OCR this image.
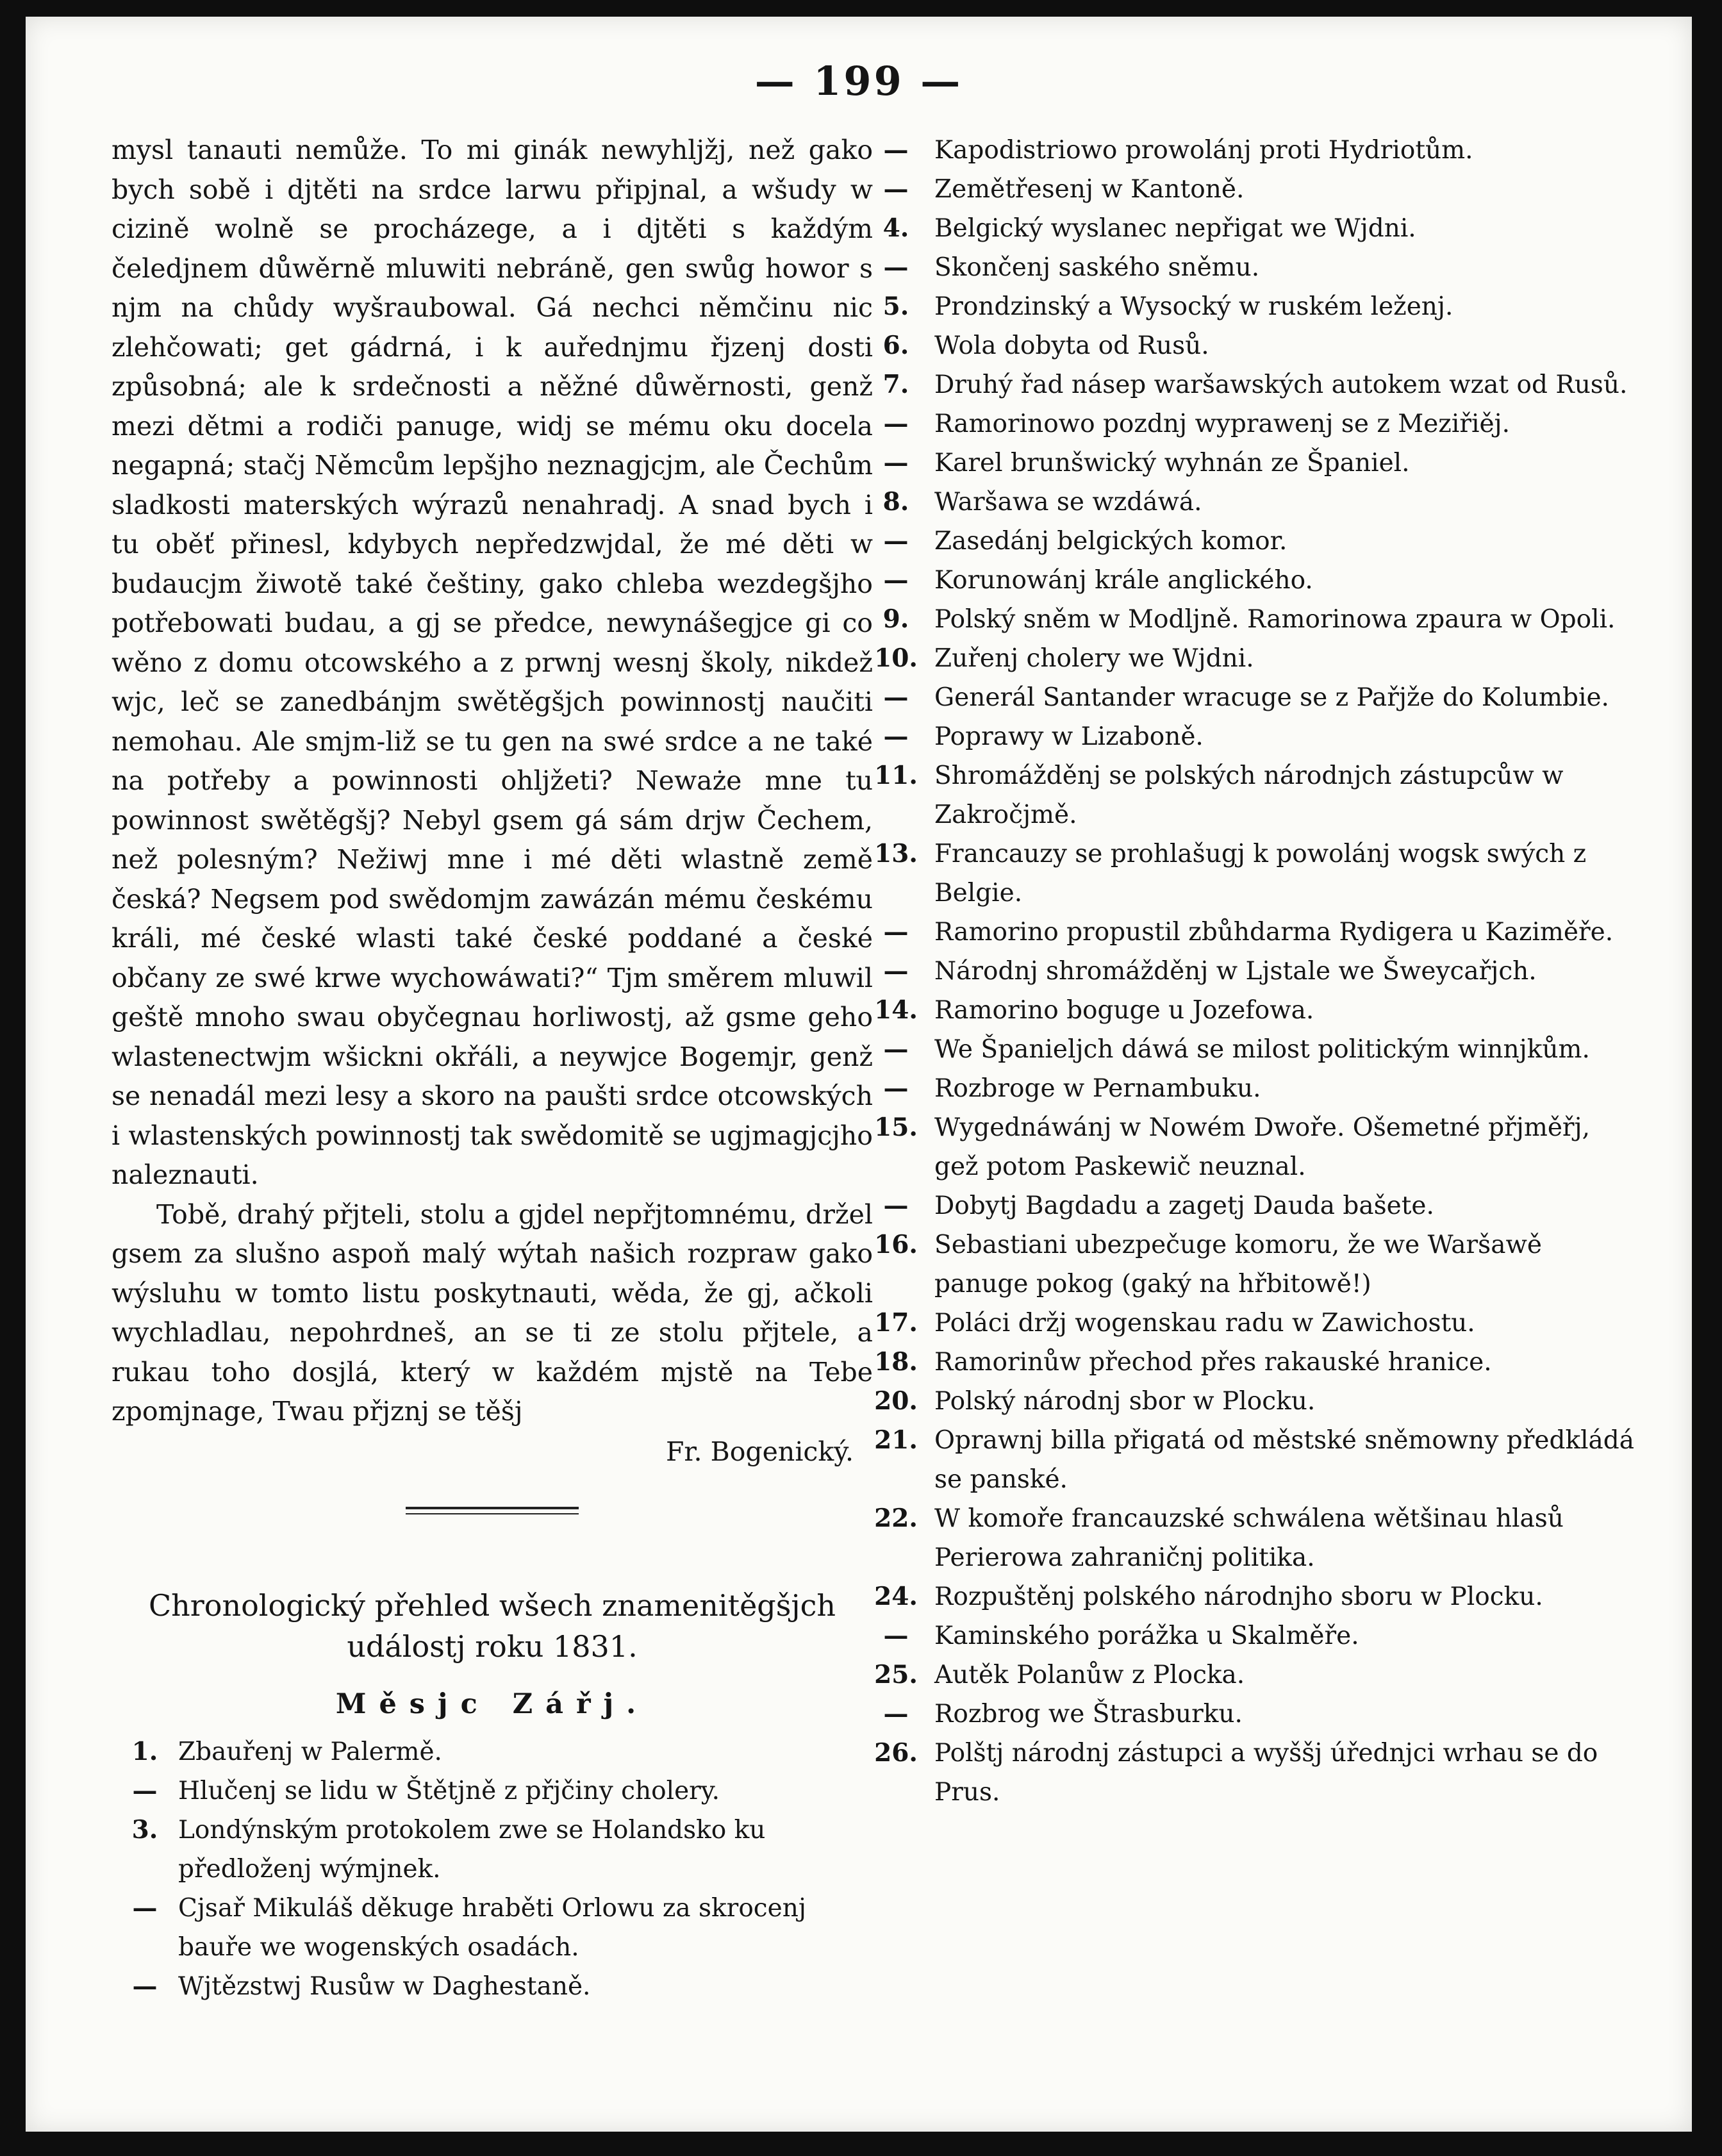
— 199 —

mysl tanauti nemůže. To mi ginák newyhljžj, než gako bych sobě i djtěti na srdce larwu připjnal, a wšudy w cizině wolně se procházege, a i djtěti s každým čeledjnem důwěrně mluwiti nebráně, gen swůg howor s njm na chůdy wyšraubowal. Gá nechci němčinu nic zlehčowati; get gádrná, i k auřednjmu řjzenj dosti způsobná; ale k srdečnosti a něžné důwěrnosti, genž mezi dětmi a rodiči panuge, widj se mému oku docela negapná; stačj Němcům lepšjho neznagjcjm, ale Čechům sladkosti materských wýrazů nenahradj. A snad bych i tu oběť přinesl, kdybych nepředzwjdal, že mé děti w budaucjm žiwotě také češtiny, gako chleba wezdegšjho potřebowati budau, a gj se předce, newynášegjce gi co wěno z domu otcowského a z prwnj wesnj školy, nikdež wjc, leč se zanedbánjm swětěgšjch powinnostj naučiti nemohau. Ale smjm-liž se tu gen na swé srdce a ne také na potřeby a powinnosti ohljžeti? Neważe mne tu powinnost swětěgšj? Nebyl gsem gá sám drjw Čechem, než polesným? Nežiwj mne i mé děti wlastně země česká? Negsem pod swědomjm zawázán mému českému králi, mé české wlasti také české poddané a české občany ze swé krwe wychowáwati?“ Tjm směrem mluwil geště mnoho swau obyčegnau horliwostj, až gsme geho wlastenectwjm wšickni okřáli, a neywjce Bogemjr, genž se nenadál mezi lesy a skoro na paušti srdce otcowských i wlastenských powinnostj tak swědomitě se ugjmagjcjho naleznauti.

Tobě, drahý přjteli, stolu a gjdel nepřjtomnému, držel gsem za slušno aspoň malý wýtah našich rozpraw gako wýsluhu w tomto listu poskytnauti, wěda, že gj, ačkoli wychladlau, nepohrdneš, an se ti ze stolu přjtele, a rukau toho dosjlá, který w každém mjstě na Tebe zpomjnage, Twau přjznj se těšj

Fr. Bogenický.

Chronologický přehled wšech znamenitěgšjch událostj roku 1831.
Měsjc Zářj.
1. Zbauřenj w Palermě.
— Hlučenj se lidu w Štětjně z přjčiny cholery.
3. Londýnským protokolem zwe se Holandsko ku předloženj wýmjnek.
— Cjsař Mikuláš děkuge hraběti Orlowu za skrocenj bauře we wogenských osadách.
— Wjtězstwj Rusůw w Daghestaně.
—	Kapodistriowo prowolánj proti Hydriotům.
—	Zemětřesenj w Kantoně.
4.	Belgický wyslanec nepřigat we Wjdni.
—	Skončenj saského sněmu.
5.	Prondzinský a Wysocký w ruském leženj.
6.	Wola dobyta od Rusů.
7.	Druhý řad násep waršawských autokem wzat od Rusů.
—	Ramorinowo pozdnj wyprawenj se z Meziřiěj.
—	Karel brunšwický wyhnán ze Španiel.
8.	Waršawa se wzdáwá.
—	Zasedánj belgických komor.
—	Korunowánj krále anglického.
9.	Polský sněm w Modljně. Ramorinowa zpaura w Opoli.
10. Zuřenj cholery we Wjdni.
—	Generál Santander wracuge se z Pařjže do Kolumbie.
—	Poprawy w Lizaboně.
11. Shromážděnj se polských národnjch zástupcůw w Zakročjmě.
13. Francauzy se prohlašugj k powolánj wogsk swých z Belgie.
—	Ramorino propustil zbůhdarma Rydigera u Kaziměře.
—	Národnj shromážděnj w Ljstale we Šweycařjch.
14. Ramorino boguge u Jozefowa.
—	We Španieljch dáwá se milost politickým winnjkům.
—	Rozbroge w Pernambuku.
15. Wygednáwánj w Nowém Dwoře. Ošemetné přjměřj, gež potom Paskewič neuznal.
—	Dobytj Bagdadu a zagetj Dauda bašete.
16. Sebastiani ubezpečuge komoru, že we Waršawě panuge pokog (gaký na hřbitowě!)
17. Poláci držj wogenskau radu w Zawichostu.
18. Ramorinůw přechod přes rakauské hranice.
20. Polský národnj sbor w Plocku.
21. Oprawnj billa přigatá od městské sněmowny předkládá se panské.
22. W komoře francauzské schwálena wětšinau hlasů Perierowa zahraničnj politika.
24. Rozpuštěnj polského národnjho sboru w Plocku.
—	Kaminského porážka u Skalměře.
25. Autěk Polanůw z Plocka.
—	Rozbrog we Štrasburku.
26. Polštj národnj zástupci a wyššj úřednjci wrhau se do Prus.
